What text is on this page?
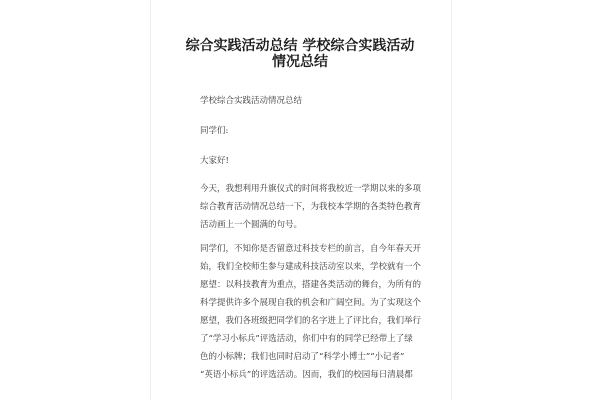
综合实践活动总结 学校综合实践活动
情况总结
学校综合实践活动情况总结
同学们:
大家好!
今天，我想利用升旗仪式的时间将我校近一学期以来的多项
综合教育活动情况总结一下，为我校本学期的各类特色教育
活动画上一个圆满的句号。
同学们，不知你是否留意过科技专栏的前言，自今年春天开
始，我们全校师生参与建成科技活动室以来，学校就有一个
愿望：以科技教育为重点，搭建各类活动的舞台，为所有的
科学提供许多个展现自我的机会和广阔空间。为了实现这个
愿望，我们各班级把同学们的名字进上了评比台，我们举行
了“学习小标兵”评选活动，你们中有的同学已经带上了绿
色的小标牌；我们也同时启动了“科学小博士”“小记者”
“英语小标兵”的评选活动。因而，我们的校园每日清晨都
